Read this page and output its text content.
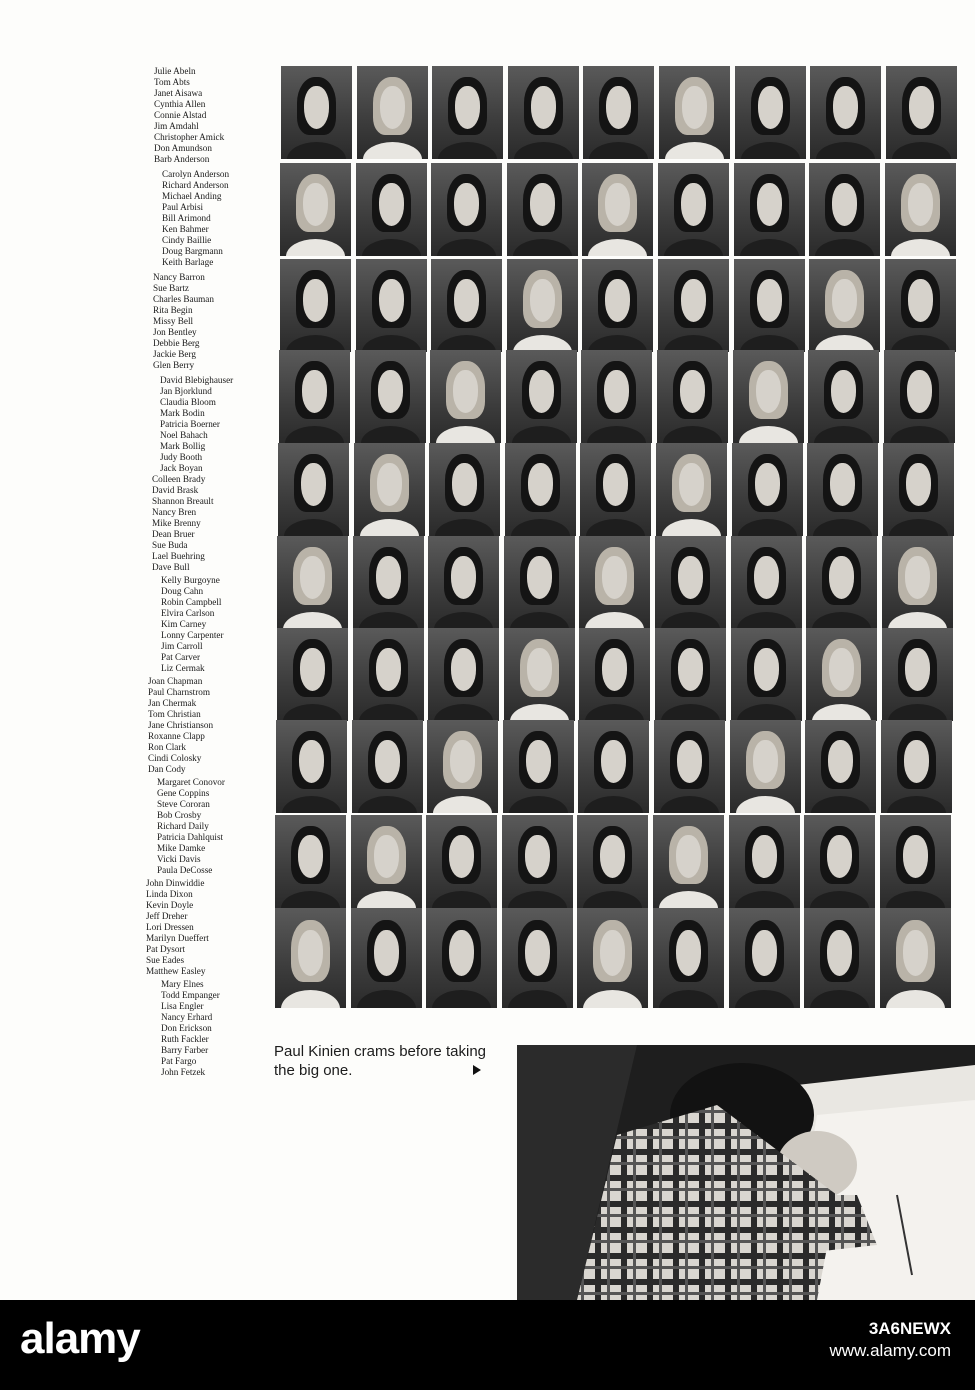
Julie Abeln
Tom Abts
Janet Aisawa
Cynthia Allen
Connie Alstad
Jim Amdahl
Christopher Amick
Don Amundson
Barb Anderson
Carolyn Anderson
Richard Anderson
Michael Anding
Paul Arbisi
Bill Arimond
Ken Bahmer
Cindy Baillie
Doug Bargmann
Keith Barlage
Nancy Barron
Sue Bartz
Charles Bauman
Rita Begin
Missy Bell
Jon Bentley
Debbie Berg
Jackie Berg
Glen Berry
David Blebighauser
Jan Bjorklund
Claudia Bloom
Mark Bodin
Patricia Boerner
Noel Bahach
Mark Bollig
Judy Booth
Jack Boyan
Colleen Brady
David Brask
Shannon Breault
Nancy Bren
Mike Brenny
Dean Bruer
Sue Buda
Lael Buehring
Dave Bull
Kelly Burgoyne
Doug Cahn
Robin Campbell
Elvira Carlson
Kim Carney
Lonny Carpenter
Jim Carroll
Pat Carver
Liz Cermak
Joan Chapman
Paul Charnstrom
Jan Chermak
Tom Christian
Jane Christianson
Roxanne Clapp
Ron Clark
Cindi Colosky
Dan Cody
Margaret Conovor
Gene Coppins
Steve Cororan
Bob Crosby
Richard Daily
Patricia Dahlquist
Mike Damke
Vicki Davis
Paula DeCosse
John Dinwiddie
Linda Dixon
Kevin Doyle
Jeff Dreher
Lori Dressen
Marilyn Dueffert
Pat Dysort
Sue Eades
Matthew Easley
Mary Elnes
Todd Empanger
Lisa Engler
Nancy Erhard
Don Erickson
Ruth Fackler
Barry Farber
Pat Fargo
John Fetzek
Paul Kinien crams before taking the big one.
alamy	3A6NEWX
www.alamy.com
